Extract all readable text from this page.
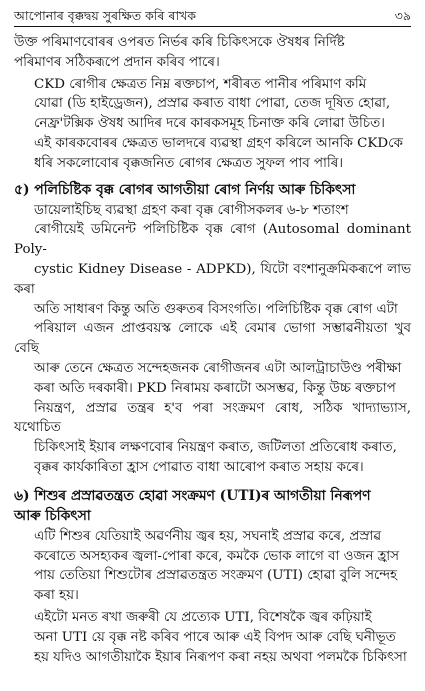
আপোনাৰ বৃক্কদ্বয় সুৰক্ষিত কৰি ৰাখক	৩৯

উক্ত পৰিমাণবোৰৰ ওপৰত নিৰ্ভৰ কৰি চিকিৎসকে ঔষধৰ নিৰ্দিষ্ট
পৰিমাণৰ সঠিকৰূপে প্ৰদান কৰিব পাৰে।

CKD ৰোগীৰ ক্ষেত্ৰত নিম্ন ৰক্তচাপ, শৰীৰত পানীৰ পৰিমাণ কমি
যোৱা (ডি হাইড্ৰেজন), প্ৰস্ৰাৱ কৰাত বাধা পোৱা, তেজ দূষিত হোৱা,
নেফ্ৰ'টক্সিক ঔষধ আদিৰ দৰে কাৰকসমূহ চিনাক্ত কৰি লোৱা উচিত।
এই কাৰকবোৰৰ ক্ষেত্ৰত ভালদৰে ব্যৱস্থা গ্ৰহণ কৰিলে আনকি CKDকে
ধৰি সকলোবোৰ বৃক্কজনিত ৰোগৰ ক্ষেত্ৰত সুফল পাব পাৰি।

৫) পলিচিষ্টিক বৃক্ক ৰোগৰ আগতীয়া ৰোগ নিৰ্ণয় আৰু চিকিৎসা

ডায়েলাইচিছ ব্যৱস্থা গ্ৰহণ কৰা বৃক্ক ৰোগীসকলৰ ৬-৮ শতাংশ
ৰোগীয়েই ডমিনেন্ট পলিচিষ্টিক বৃক্ক ৰোগ (Autosomal dominant Poly-
cystic Kidney Disease - ADPKD), যিটো বংশানুক্ৰমিকৰূপে লাভ কৰা
অতি সাধাৰণ কিন্তু অতি গুৰুতৰ বিসংগতি। পলিচিষ্টিক বৃক্ক ৰোগ এটা
পৰিয়াল এজন প্ৰাপ্তবয়স্ক লোকে এই বেমাৰ ভোগা সম্ভাৱনীয়তা খুব বেছি
আৰু তেনে ক্ষেত্ৰত সন্দেহজনক ৰোগীজনৰ এটা আলট্ৰাচাউণ্ড পৰীক্ষা
কৰা অতি দৰকাৰী। PKD নিৰাময় কৰাটো অসম্ভৱ, কিন্তু উচ্চ ৰক্তচাপ
নিয়ন্ত্ৰণ, প্ৰস্ৰাৱ তন্ত্ৰৰ হ'ব পৰা সংক্ৰমণ ৰোধ, সঠিক খাদ্যাভ্যাস, যথোচিত
চিকিৎসাই ইয়াৰ লক্ষণবোৰ নিয়ন্ত্ৰণ কৰাত, জটিলতা প্ৰতিৰোধ কৰাত,
বৃক্কৰ কাৰ্যকাৰিতা হ্ৰাস পোৱাত বাধা আৰোপ কৰাত সহায় কৰে।

৬) শিশুৰ প্ৰস্ৰাৱতন্ত্ৰত হোৱা সংক্ৰমণ (UTI)ৰ আগতীয়া নিৰূপণ
আৰু চিকিৎসা

এটি শিশুৰ যেতিয়াই অৱৰ্ণনীয় জ্বৰ হয়, সঘনাই প্ৰস্ৰাৱ কৰে, প্ৰস্ৰাৱ
কৰোতে অসহ্যকৰ জ্বলা-পোৰা কৰে, কমকৈ ভোক লাগে বা ওজন হ্ৰাস
পায় তেতিয়া শিশুটোৰ প্ৰস্ৰাৱতন্ত্ৰত সংক্ৰমণ (UTI) হোৱা বুলি সন্দেহ
কৰা হয়।

এইটো মনত ৰখা জৰুৰী যে প্ৰত্যেক UTI, বিশেষকৈ জ্বৰ কঢ়িয়াই
অনা UTI য়ে বৃক্ক নষ্ট কৰিব পাৰে আৰু এই বিপদ আৰু বেছি ঘনীভূত
হয় যদিও আগতীয়াকৈ ইয়াৰ নিৰূপণ কৰা নহয় অথবা পলমকৈ চিকিৎসা
